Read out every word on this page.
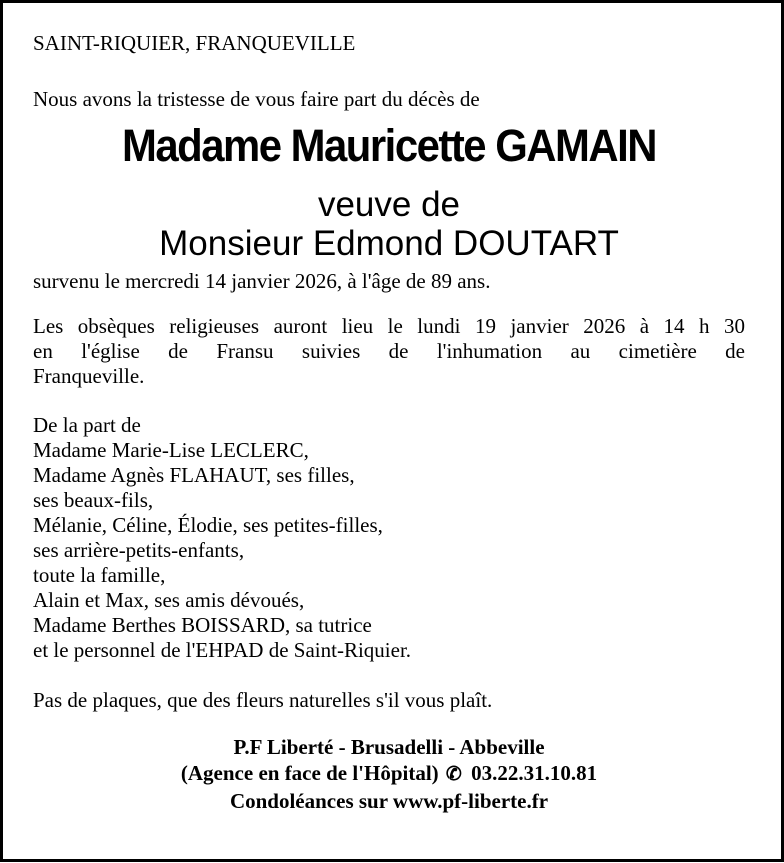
SAINT-RIQUIER, FRANQUEVILLE

Nous avons la tristesse de vous faire part du décès de

Madame Mauricette GAMAIN

veuve de

Monsieur Edmond DOUTART

survenu le mercredi 14 janvier 2026, à l'âge de 89 ans.

Les obsèques religieuses auront lieu le lundi 19 janvier 2026 à 14 h 30
en l'église de Fransu suivies de l'inhumation au cimetière de
Franqueville.

De la part de
Madame Marie-Lise LECLERC,
Madame Agnès FLAHAUT, ses filles,
ses beaux-fils,
Mélanie, Céline, Élodie, ses petites-filles,
ses arrière-petits-enfants,
toute la famille,
Alain et Max, ses amis dévoués,
Madame Berthes BOISSARD, sa tutrice
et le personnel de l'EHPAD de Saint-Riquier.

Pas de plaques, que des fleurs naturelles s'il vous plaît.

P.F Liberté - Brusadelli - Abbeville
(Agence en face de l'Hôpital) ✆ 03.22.31.10.81
Condoléances sur www.pf-liberte.fr
